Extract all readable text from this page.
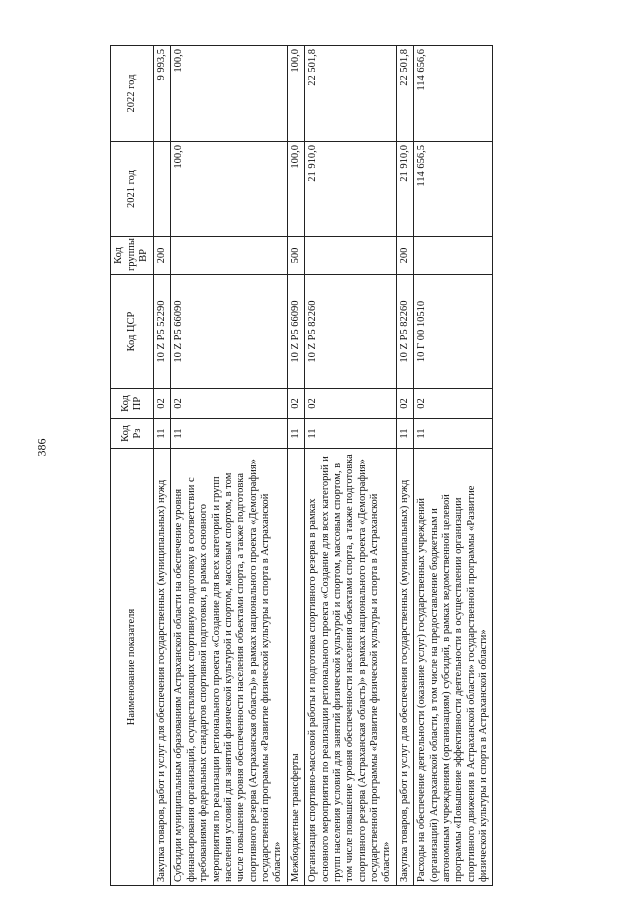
386
Наименование показателя	Код Рз	Код ПР	Код ЦСР	Код группы ВР	2021 год	2022 год
Закупка товаров, работ и услуг для обеспечения государственных (муниципальных) нужд	11	02	10 Z P5 52290	200		9 993,5
Субсидии муниципальным образованиям Астраханской области на обеспечение уровня финансирования организаций, осуществляющих спортивную подготовку в соответствии с требованиями федеральных стандартов спортивной подготовки, в рамках основного мероприятия по реализации регионального проекта «Создание для всех категорий и групп населения условий для занятий физической культурой и спортом, массовым спортом, в том числе повышение уровня обеспеченности населения объектами спорта, а также подготовка спортивного резерва (Астраханская область)» в рамках национального проекта «Демография» государственной программы «Развитие физической культуры и спорта в Астраханской области»	11	02	10 Z P5 66090		100,0	100,0
Межбюджетные трансферты	11	02	10 Z P5 66090	500	100,0	100,0
Организация спортивно-массовой работы и подготовка спортивного резерва в рамках основного мероприятия по реализации регионального проекта «Создание для всех категорий и групп населения условий для занятий физической культурой и спортом, массовым спортом, в том числе повышение уровня обеспеченности населения объектами спорта, а также подготовка спортивного резерва (Астраханская область)» в рамках национального проекта «Демография» государственной программы «Развитие физической культуры и спорта в Астраханской области»	11	02	10 Z P5 82260		21 910,0	22 501,8
Закупка товаров, работ и услуг для обеспечения государственных (муниципальных) нужд	11	02	10 Z P5 82260	200	21 910,0	22 501,8
Расходы на обеспечение деятельности (оказание услуг) государственных учреждений (организаций) Астраханской области, в том числе на предоставление бюджетным и автономным учреждениям (организациям) субсидий, в рамках ведомственной целевой программы «Повышение эффективности деятельности в осуществлении организации спортивного движения в Астраханской области» государственной программы «Развитие физической культуры и спорта в Астраханской области»	11	02	10 Г 00 10510		114 656,5	114 656,6
